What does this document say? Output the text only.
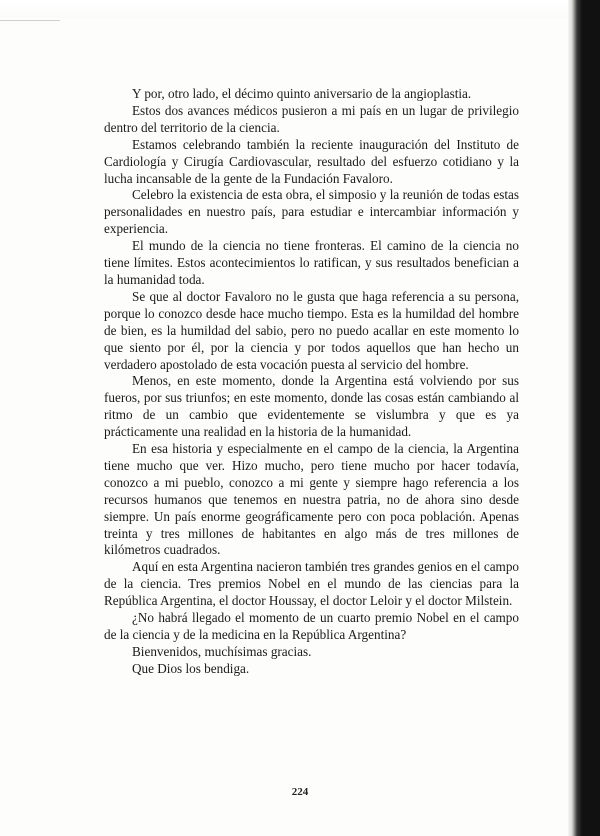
Y por, otro lado, el décimo quinto aniversario de la angioplastia.

Estos dos avances médicos pusieron a mi país en un lugar de privilegio dentro del territorio de la ciencia.

Estamos celebrando también la reciente inauguración del Instituto de Cardiología y Cirugía Cardiovascular, resultado del esfuerzo cotidiano y la lucha incansable de la gente de la Fundación Favaloro.

Celebro la existencia de esta obra, el simposio y la reunión de todas estas personalidades en nuestro país, para estudiar e intercambiar información y experiencia.

El mundo de la ciencia no tiene fronteras. El camino de la ciencia no tiene límites. Estos acontecimientos lo ratifican, y sus resultados benefician a la humanidad toda.

Se que al doctor Favaloro no le gusta que haga referencia a su persona, porque lo conozco desde hace mucho tiempo. Esta es la humildad del hombre de bien, es la humildad del sabio, pero no puedo acallar en este momento lo que siento por él, por la ciencia y por todos aquellos que han hecho un verdadero apostolado de esta vocación puesta al servicio del hombre.

Menos, en este momento, donde la Argentina está volviendo por sus fueros, por sus triunfos; en este momento, donde las cosas están cambiando al ritmo de un cambio que evidentemente se vislumbra y que es ya prácticamente una realidad en la historia de la humanidad.

En esa historia y especialmente en el campo de la ciencia, la Argentina tiene mucho que ver. Hizo mucho, pero tiene mucho por hacer todavía, conozco a mi pueblo, conozco a mi gente y siempre hago referencia a los recursos humanos que tenemos en nuestra patria, no de ahora sino desde siempre. Un país enorme geográficamente pero con poca población. Apenas treinta y tres millones de habitantes en algo más de tres millones de kilómetros cuadrados.

Aquí en esta Argentina nacieron también tres grandes genios en el campo de la ciencia. Tres premios Nobel en el mundo de las ciencias para la República Argentina, el doctor Houssay, el doctor Leloir y el doctor Milstein.

¿No habrá llegado el momento de un cuarto premio Nobel en el campo de la ciencia y de la medicina en la República Argentina?

Bienvenidos, muchísimas gracias.

Que Dios los bendiga.

224
